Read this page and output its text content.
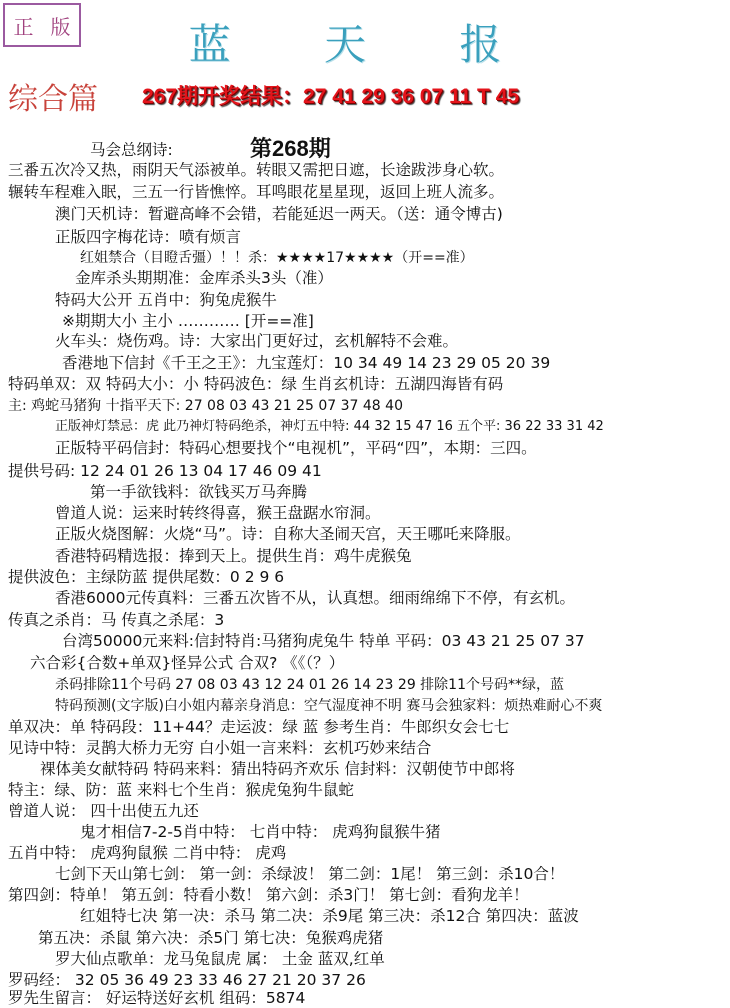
正 版	蓝 天 报
综合篇 267期开奖结果：27 41 29 36 07 11 T 45
第268期
马会总纲诗:
三番五次冷又热，雨阴天气添被单。转眼又需把日遮，长途跋涉身心软。
辗转车程难入眠，三五一行皆憔悴。耳鸣眼花星星现，返回上班人流多。
澳门天机诗：暂避高峰不会错，若能延迟一两天。（送：通令博古)
正版四字梅花诗：喷有烦言
红姐禁合（目瞪舌彊）！！杀：★★★★17★★★★（开==准）
金库杀头期期准：金库杀头3头（准）
特码大公开 五肖中：狗兔虎猴牛
※期期大小 主小 ………… [开==准]
火车头：烧伤鸡。诗：大家出门更好过，玄机解特不会难。
香港地下信封《千王之王》：九宝莲灯：10 34 49 14 23 29 05 20 39
特码单双：双 特码大小：小 特码波色：绿 生肖玄机诗：五湖四海皆有码
主: 鸡蛇马猪狗 十指平天下: 27 08 03 43 21 25 07 37 48 40
正版神灯禁忌：虎 此乃神灯特码绝杀，神灯五中特: 44 32 15 47 16 五个平: 36 22 33 31 42
正版特平码信封：特码心想要找个“电视机”，平码“四”，本期：三四。
提供号码: 12 24 01 26 13 04 17 46 09 41
第一手欲钱料：欲钱买万马奔腾
曾道人说：运来时转终得喜，猴王盘踞水帘洞。
正版火烧图解：火烧“马”。诗：自称大圣闹天宫，天王哪吒来降服。
香港特码精选报：捧到天上。提供生肖：鸡牛虎猴兔
提供波色：主绿防蓝 提供尾数：0 2 9 6
香港6000元传真料：三番五次皆不从，认真想。细雨绵绵下不停，有玄机。
传真之杀肖：马 传真之杀尾：3
台湾50000元来料:信封特肖:马猪狗虎兔牛 特单 平码：03 43 21 25 07 37
六合彩{合数+单双}怪异公式 合双? 《《（？）
杀码排除11个号码 27 08 03 43 12 24 01 26 14 23 29 排除11个号码**绿，蓝
特码预测(文字版)白小姐内幕亲身消息：空气湿度神不明 赛马会独家料：烦热难耐心不爽
单双决：单 特码段：11+44？走运波：绿 蓝 参考生肖：牛郎织女会七七
见诗中特：灵鹊大桥力无穷 白小姐一言来料：玄机巧妙来结合
裸体美女献特码 特码来料：猜出特码齐欢乐 信封料：汉朝使节中郎将
特主：绿、防：蓝 来料七个生肖：猴虎兔狗牛鼠蛇
曾道人说： 四十出使五九还
鬼才相信7-2-5肖中特： 七肖中特： 虎鸡狗鼠猴牛猪
五肖中特： 虎鸡狗鼠猴 二肖中特： 虎鸡
七剑下天山第七剑： 第一剑：杀绿波！ 第二剑：1尾！ 第三剑：杀10合！
第四剑：特单！ 第五剑：特看小数！ 第六剑：杀3门！ 第七剑：看狗龙羊！
红姐特七决 第一决：杀马 第二决：杀9尾 第三决：杀12合 第四决：蓝波
第五决：杀鼠 第六决：杀5门 第七决：兔猴鸡虎猪
罗大仙点歌单：龙马兔鼠虎 属： 土金 蓝双,红单
罗码经： 32 05 36 49 23 33 46 27 21 20 37 26
罗先生留言： 好运特送好玄机 组码：5874
